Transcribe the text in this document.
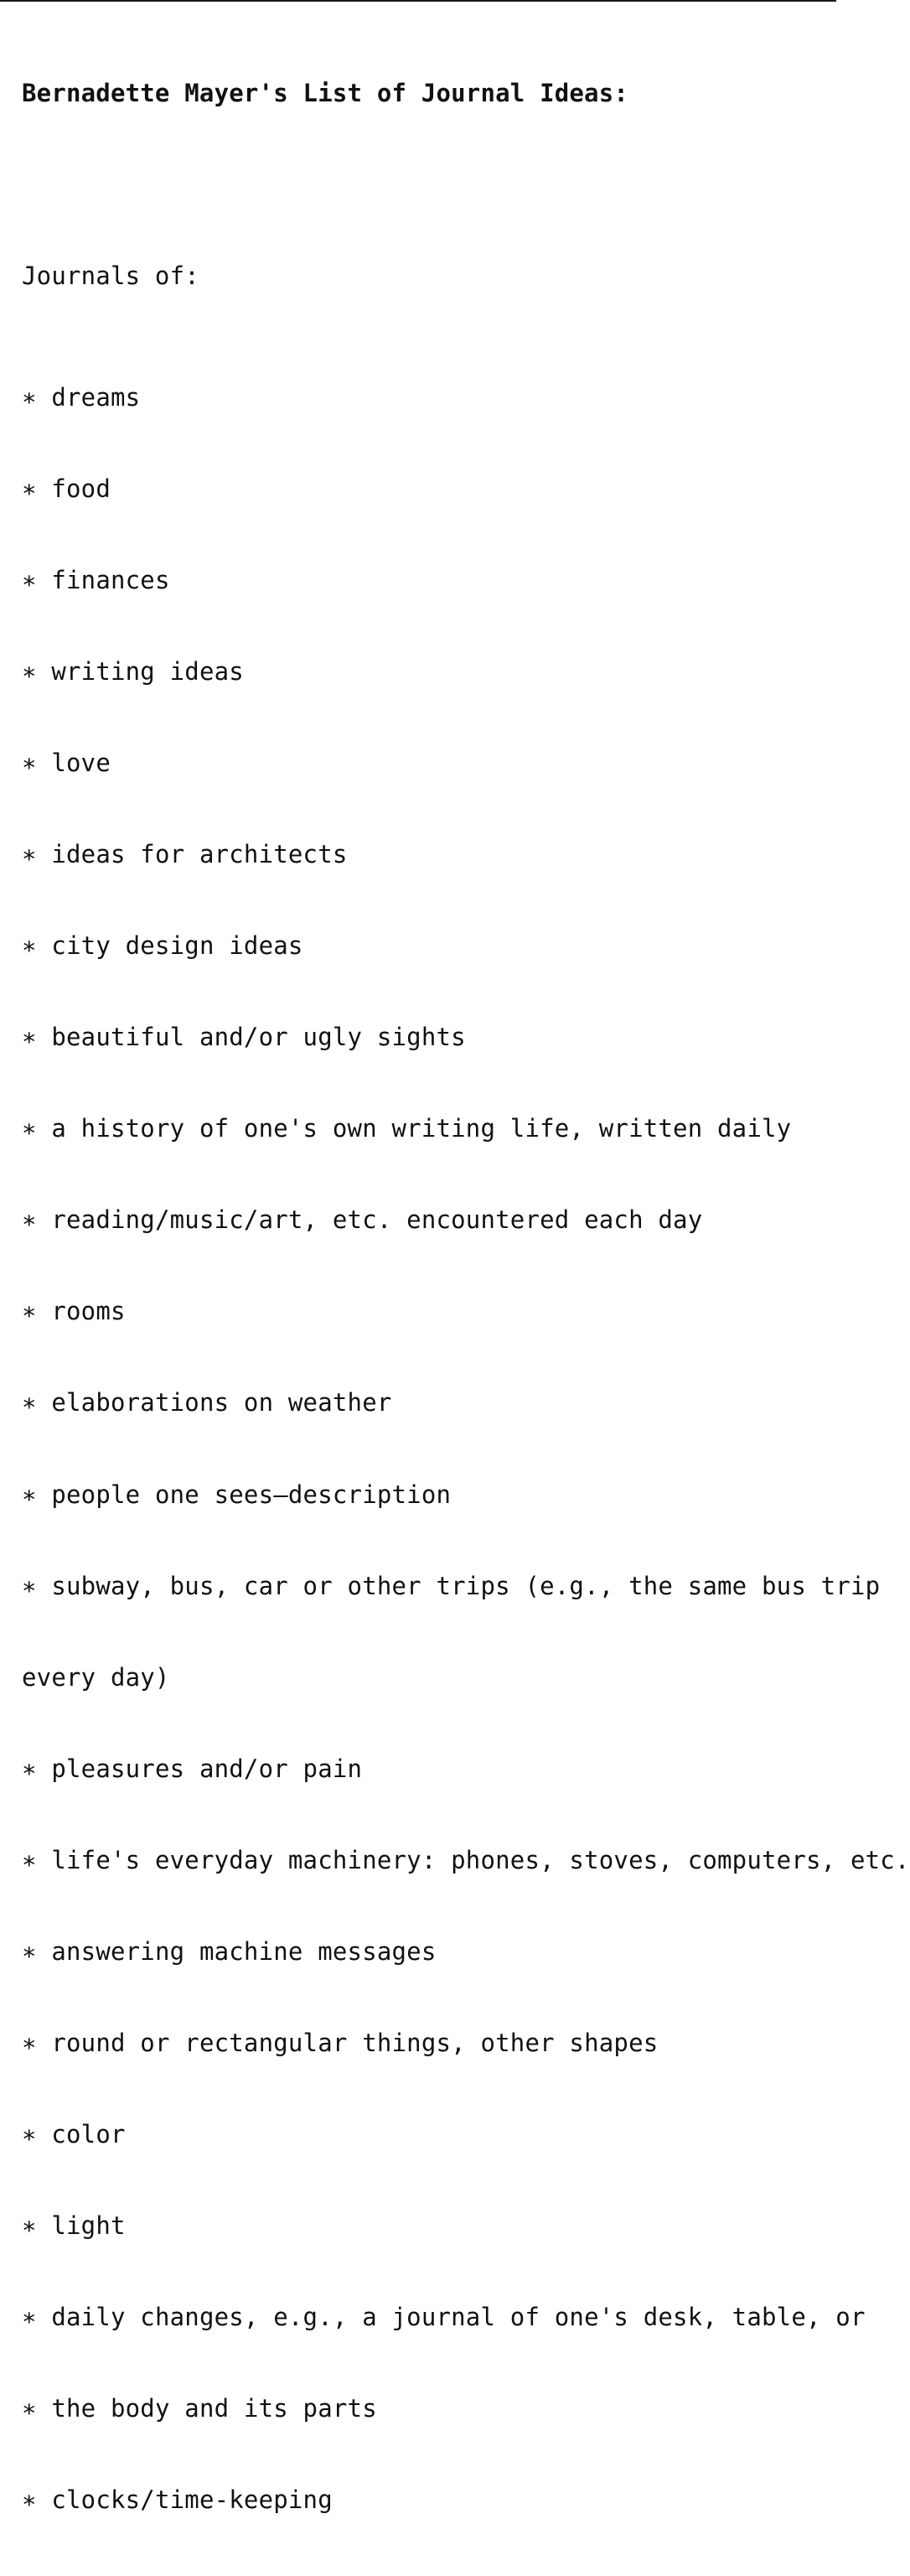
Bernadette Mayer's List of Journal Ideas:

Journals of:

∗ dreams

∗ food

∗ finances

∗ writing ideas

∗ love

∗ ideas for architects

∗ city design ideas

∗ beautiful and/or ugly sights

∗ a history of one's own writing life, written daily

∗ reading/music/art, etc. encountered each day

∗ rooms

∗ elaborations on weather

∗ people one sees—description

∗ subway, bus, car or other trips (e.g., the same bus trip

every day)

∗ pleasures and/or pain

∗ life's everyday machinery: phones, stoves, computers, etc.

∗ answering machine messages

∗ round or rectangular things, other shapes

∗ color

∗ light

∗ daily changes, e.g., a journal of one's desk, table, or

∗ the body and its parts

∗ clocks/time-keeping
